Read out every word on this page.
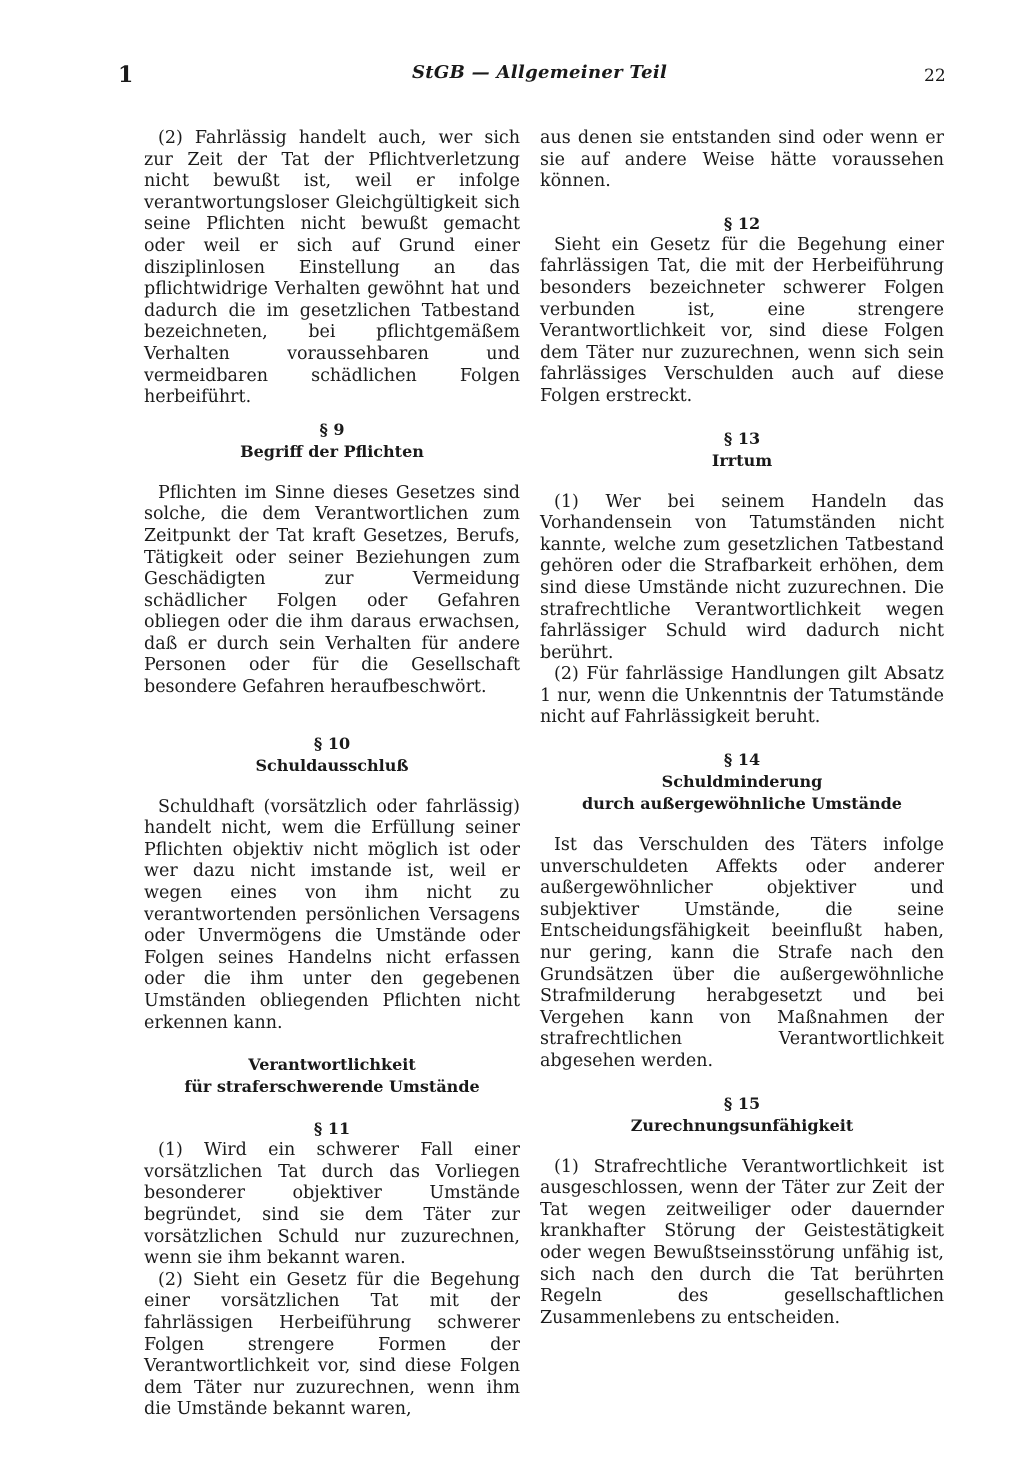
1	StGB — Allgemeiner Teil	22

(2) Fahrlässig handelt auch, wer sich zur Zeit der Tat der Pflichtverletzung nicht bewußt ist, weil er infolge verantwortungsloser Gleichgültigkeit sich seine Pflichten nicht bewußt gemacht oder weil er sich auf Grund einer disziplinlosen Einstellung an das pflichtwidrige Verhalten gewöhnt hat und dadurch die im gesetzlichen Tatbestand bezeichneten, bei pflichtgemäßem Verhalten voraussehbaren und vermeidbaren schädlichen Folgen herbeiführt.

§ 9
Begriff der Pflichten

Pflichten im Sinne dieses Gesetzes sind solche, die dem Verantwortlichen zum Zeitpunkt der Tat kraft Gesetzes, Berufs, Tätigkeit oder seiner Beziehungen zum Geschädigten zur Vermeidung schädlicher Folgen oder Gefahren obliegen oder die ihm daraus erwachsen, daß er durch sein Verhalten für andere Personen oder für die Gesellschaft besondere Gefahren heraufbeschwört.

§ 10
Schuldausschluß

Schuldhaft (vorsätzlich oder fahrlässig) handelt nicht, wem die Erfüllung seiner Pflichten objektiv nicht möglich ist oder wer dazu nicht imstande ist, weil er wegen eines von ihm nicht zu verantwortenden persönlichen Versagens oder Unvermögens die Umstände oder Folgen seines Handelns nicht erfassen oder die ihm unter den gegebenen Umständen obliegenden Pflichten nicht erkennen kann.

Verantwortlichkeit
für straferschwerende Umstände
§ 11

(1) Wird ein schwerer Fall einer vorsätzlichen Tat durch das Vorliegen besonderer objektiver Umstände begründet, sind sie dem Täter zur vorsätzlichen Schuld nur zuzurechnen, wenn sie ihm bekannt waren.

(2) Sieht ein Gesetz für die Begehung einer vorsätzlichen Tat mit der fahrlässigen Herbeiführung schwerer Folgen strengere Formen der Verantwortlichkeit vor, sind diese Folgen dem Täter nur zuzurechnen, wenn ihm die Umstände bekannt waren,

aus denen sie entstanden sind oder wenn er sie auf andere Weise hätte voraussehen können.

§ 12

Sieht ein Gesetz für die Begehung einer fahrlässigen Tat, die mit der Herbeiführung besonders bezeichneter schwerer Folgen verbunden ist, eine strengere Verantwortlichkeit vor, sind diese Folgen dem Täter nur zuzurechnen, wenn sich sein fahrlässiges Verschulden auch auf diese Folgen erstreckt.

§ 13
Irrtum

(1) Wer bei seinem Handeln das Vorhandensein von Tatumständen nicht kannte, welche zum gesetzlichen Tatbestand gehören oder die Strafbarkeit erhöhen, dem sind diese Umstände nicht zuzurechnen. Die strafrechtliche Verantwortlichkeit wegen fahrlässiger Schuld wird dadurch nicht berührt.

(2) Für fahrlässige Handlungen gilt Absatz 1 nur, wenn die Unkenntnis der Tatumstände nicht auf Fahrlässigkeit beruht.

§ 14
Schuldminderung
durch außergewöhnliche Umstände

Ist das Verschulden des Täters infolge unverschuldeten Affekts oder anderer außergewöhnlicher objektiver und subjektiver Umstände, die seine Entscheidungsfähigkeit beeinflußt haben, nur gering, kann die Strafe nach den Grundsätzen über die außergewöhnliche Strafmilderung herabgesetzt und bei Vergehen kann von Maßnahmen der strafrechtlichen Verantwortlichkeit abgesehen werden.

§ 15
Zurechnungsunfähigkeit

(1) Strafrechtliche Verantwortlichkeit ist ausgeschlossen, wenn der Täter zur Zeit der Tat wegen zeitweiliger oder dauernder krankhafter Störung der Geistestätigkeit oder wegen Bewußtseinsstörung unfähig ist, sich nach den durch die Tat berührten Regeln des gesellschaftlichen Zusammenlebens zu entscheiden.
